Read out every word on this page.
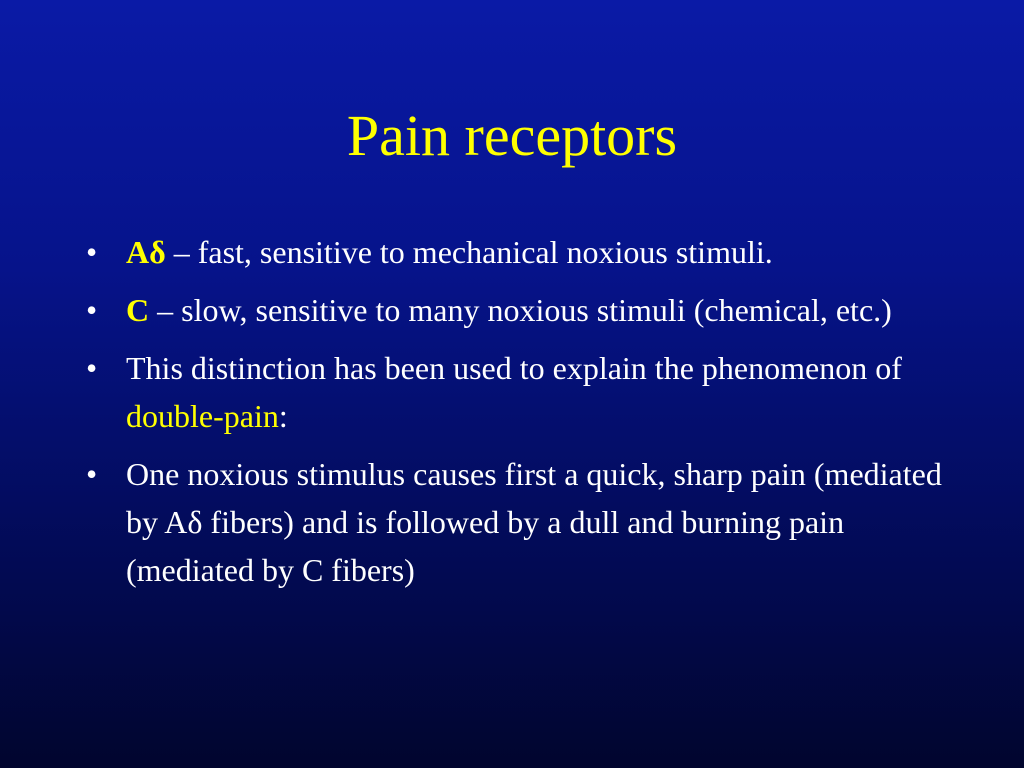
Pain receptors
• Aδ – fast, sensitive to mechanical noxious stimuli.
• C – slow, sensitive to many noxious stimuli (chemical, etc.)
• This distinction has been used to explain the phenomenon of double-pain:
• One noxious stimulus causes first a quick, sharp pain (mediated by Aδ fibers) and is followed by a dull and burning pain (mediated by C fibers)
